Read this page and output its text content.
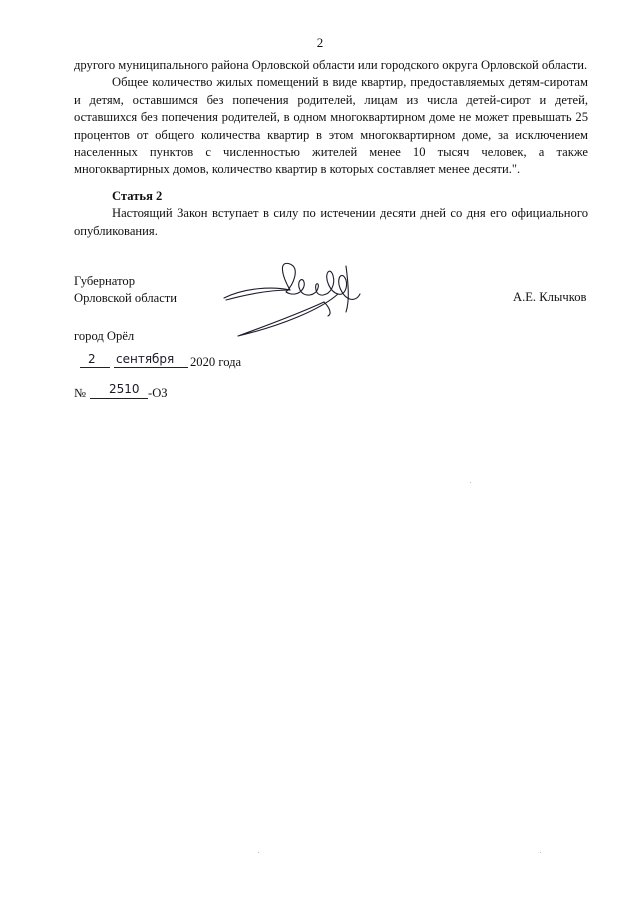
2

другого муниципального района Орловской области или городского округа Орловской области.

Общее количество жилых помещений в виде квартир, предоставляемых детям-сиротам и детям, оставшимся без попечения родителей, лицам из числа детей-сирот и детей, оставшихся без попечения родителей, в одном многоквартирном доме не может превышать 25 процентов от общего количества квартир в этом многоквартирном доме, за исключением населенных пунктов с численностью жителей менее 10 тысяч человек, а также многоквартирных домов, количество квартир в которых составляет менее десяти.".

Статья 2

Настоящий Закон вступает в силу по истечении десяти дней со дня его официального опубликования.

Губернатор
Орловской области	А.Е. Клычков
город Орёл
2 сентября 2020 года
№ 2510 -ОЗ
